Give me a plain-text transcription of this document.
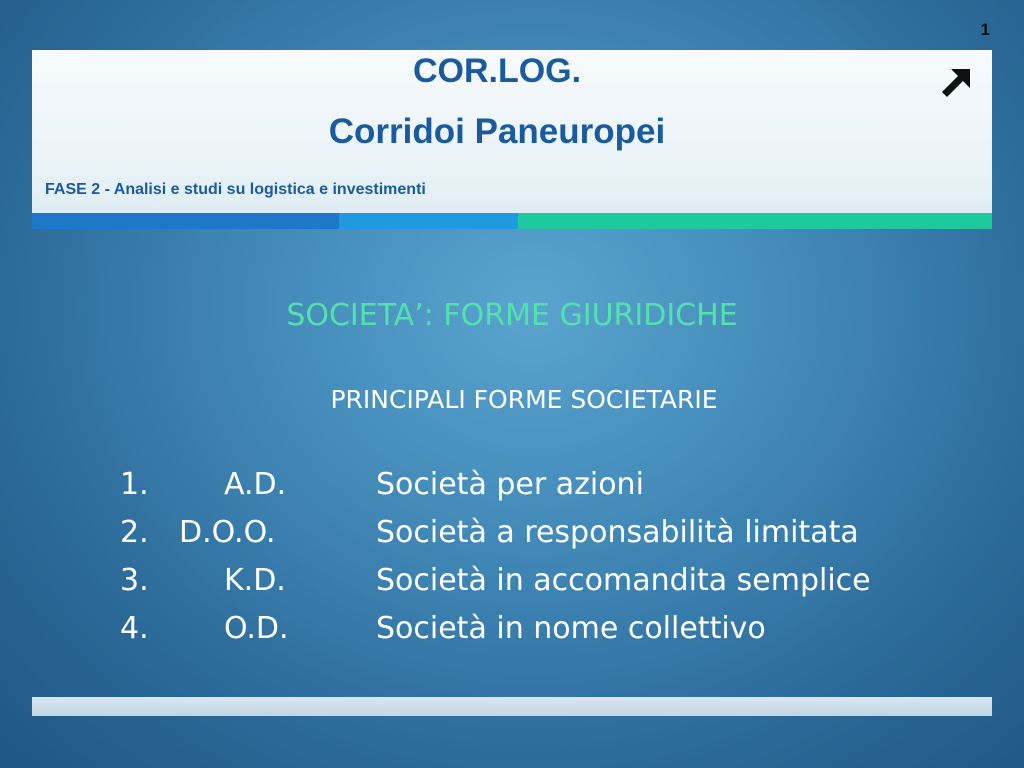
1
COR.LOG.
Corridoi Paneuropei
FASE 2 - Analisi e studi su logistica e investimenti
SOCIETA’: FORME GIURIDICHE
PRINCIPALI FORME SOCIETARIE
1.	A.D.	Società per azioni
2. D.O.O.	Società a responsabilità limitata
3.	K.D.	Società in accomandita semplice
4.	O.D.	Società in nome collettivo
